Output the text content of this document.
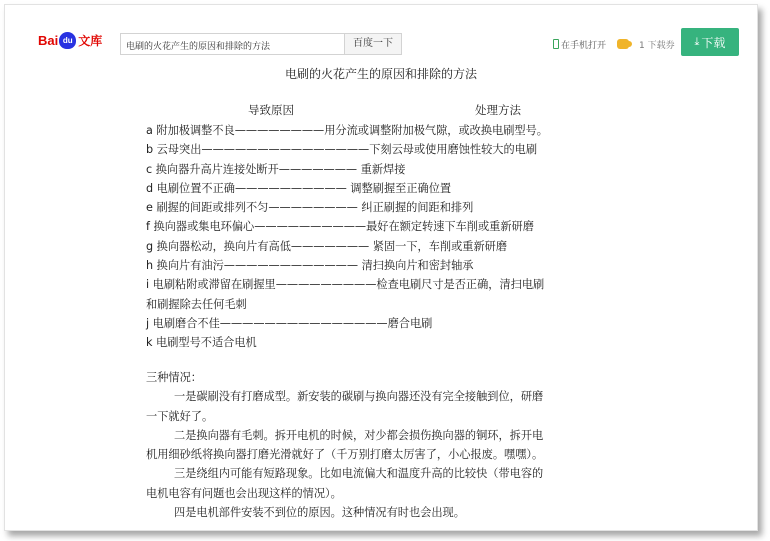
Bai du 文库	电刷的火花产生的原因和排除的方法	百度一下	在手机打开	1 下载券 ⤓ 下载
电刷的火花产生的原因和排除的方法
导致原因	处理方法
a 附加极调整不良————————用分流或调整附加极气隙，或改换电刷型号。
b 云母突出———————————————下刻云母或使用磨蚀性较大的电刷
c 换向器升高片连接处断开——————— 重新焊接
d 电刷位置不正确—————————— 调整刷握至正确位置
e 刷握的间距或排列不匀———————— 纠正刷握的间距和排列
f 换向器或集电环偏心——————————最好在额定转速下车削或重新研磨
g 换向器松动，换向片有高低——————— 紧固一下，车削或重新研磨
h 换向片有油污———————————— 清扫换向片和密封轴承
i 电刷粘附或滞留在刷握里—————————检查电刷尺寸是否正确，清扫电刷
和刷握除去任何毛刺
j 电刷磨合不佳———————————————磨合电刷
k 电刷型号不适合电机
三种情况：
一是碳刷没有打磨成型。新安装的碳刷与换向器还没有完全接触到位，研磨
一下就好了。
二是换向器有毛刺。拆开电机的时候，对少都会损伤换向器的铜环，拆开电
机用细砂纸将换向器打磨光滑就好了（千万别打磨太厉害了，小心报废。嘿嘿）。
三是绕组内可能有短路现象。比如电流偏大和温度升高的比较快（带电容的
电机电容有问题也会出现这样的情况）。
四是电机部件安装不到位的原因。这种情况有时也会出现。
